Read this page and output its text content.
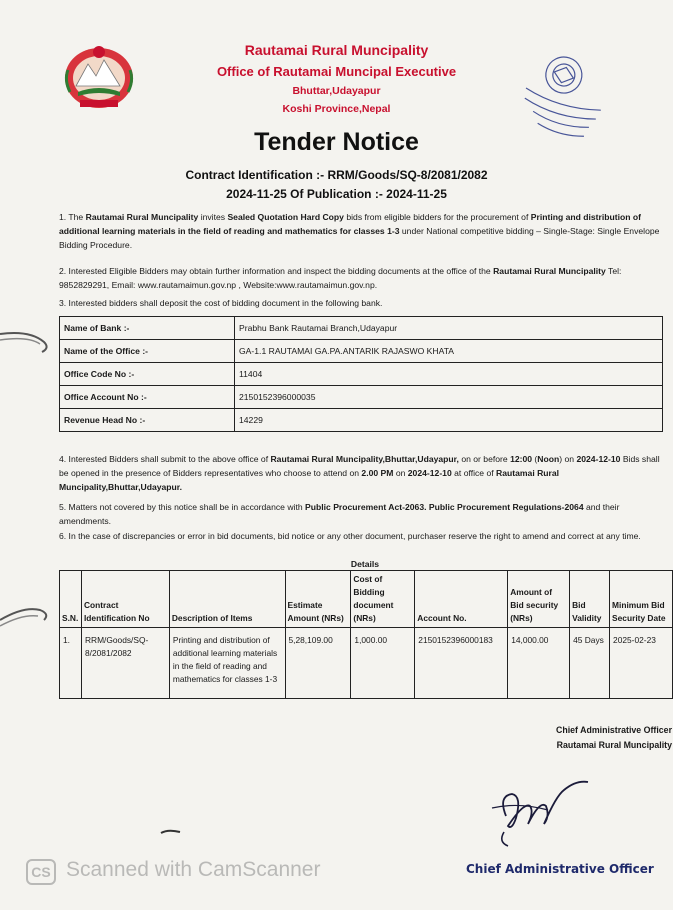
Rautamai Rural Muncipality
Office of Rautamai Muncipal Executive
Bhuttar,Udayapur
Koshi Province,Nepal
Tender Notice
Contract Identification :- RRM/Goods/SQ-8/2081/2082
2024-11-25 Of Publication :- 2024-11-25
1. The Rautamai Rural Muncipality invites Sealed Quotation Hard Copy bids from eligible bidders for the procurement of Printing and distribution of additional learning materials in the field of reading and mathematics for classes 1-3 under National competitive bidding – Single-Stage: Single Envelope Bidding Procedure.
2. Interested Eligible Bidders may obtain further information and inspect the bidding documents at the office of the Rautamai Rural Muncipality Tel: 9852829291, Email: www.rautamaimun.gov.np , Website:www.rautamaimun.gov.np.
3. Interested bidders shall deposit the cost of bidding document in the following bank.
Name of Bank :-	Prabhu Bank Rautamai Branch,Udayapur
Name of the Office :-	GA-1.1 RAUTAMAI GA.PA.ANTARIK RAJASWO KHATA
Office Code No :-	11404
Office Account No :-	2150152396000035
Revenue Head No :-	14229
4. Interested Bidders shall submit to the above office of Rautamai Rural Muncipality,Bhuttar,Udayapur, on or before 12:00 (Noon) on 2024-12-10 Bids shall be opened in the presence of Bidders representatives who choose to attend on 2.00 PM on 2024-12-10 at office of Rautamai Rural Muncipality,Bhuttar,Udayapur.
5. Matters not covered by this notice shall be in accordance with Public Procurement Act-2063. Public Procurement Regulations-2064 and their amendments.
6. In the case of discrepancies or error in bid documents, bid notice or any other document, purchaser reserve the right to amend and correct at any time.
Details
S.N.	Contract Identification No	Description of Items	Estimate Amount (NRs)	Cost of Bidding document (NRs)	Account No.	Amount of Bid security (NRs)	Bid Validity	Minimum Bid Security Date
1.	RRM/Goods/SQ-8/2081/2082	Printing and distribution of additional learning materials in the field of reading and mathematics for classes 1-3	5,28,109.00	1,000.00	2150152396000183	14,000.00	45 Days	2025-02-23
Chief Administrative Officer
Rautamai Rural Muncipality
Chief Administrative Officer
CS Scanned with CamScanner
